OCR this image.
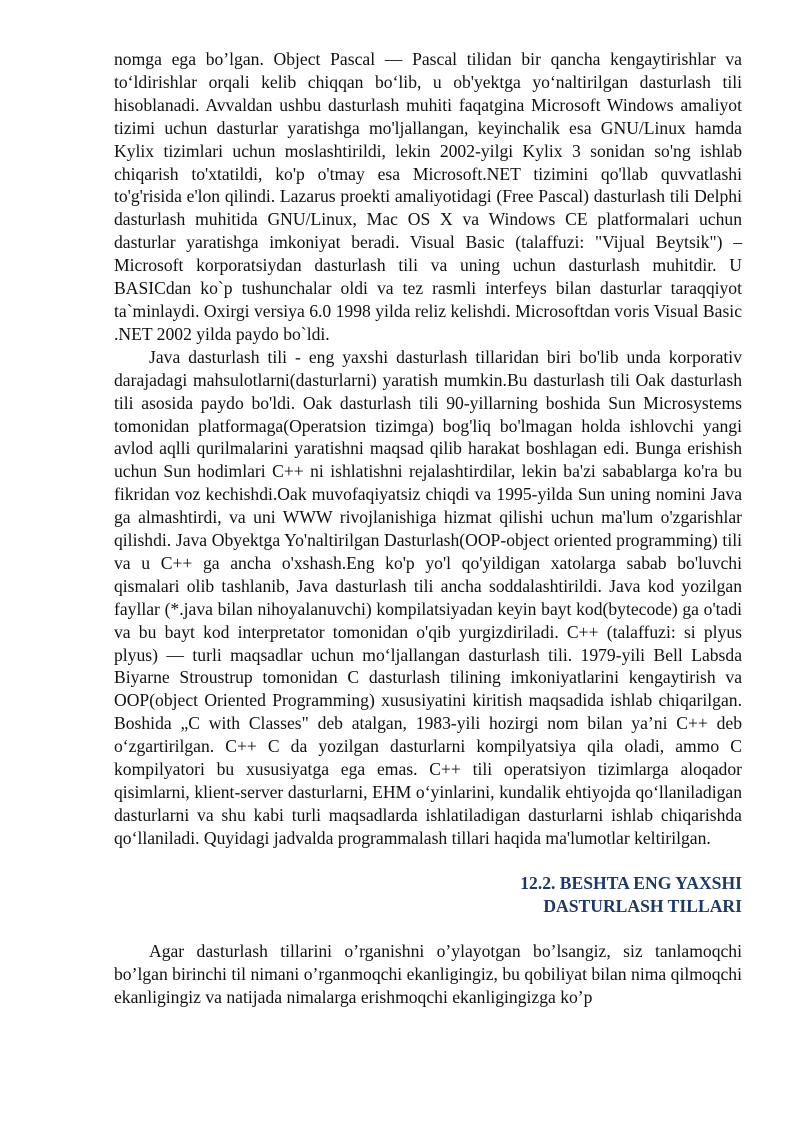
nomga ega bo’lgan. Object Pascal — Pascal tilidan bir qancha kengaytirishlar va to‘ldirishlar orqali kelib chiqqan bo‘lib, u ob'yektga yo‘naltirilgan dasturlash tili hisoblanadi. Avvaldan ushbu dasturlash muhiti faqatgina Microsoft Windows amaliyot tizimi uchun dasturlar yaratishga mo'ljallangan, keyinchalik esa GNU/Linux hamda Kylix tizimlari uchun moslashtirildi, lekin 2002-yilgi Kylix 3 sonidan so'ng ishlab chiqarish to'xtatildi, ko'p o'tmay esa Microsoft.NET tizimini qo'llab quvvatlashi to'g'risida e'lon qilindi. Lazarus proekti amaliyotidagi (Free Pascal) dasturlash tili Delphi dasturlash muhitida GNU/Linux, Mac OS X va Windows CE platformalari uchun dasturlar yaratishga imkoniyat beradi. Visual Basic (talaffuzi: "Vijual Beytsik") – Microsoft korporatsiydan dasturlash tili va uning uchun dasturlash muhitdir. U BASICdan ko`p tushunchalar oldi va tez rasmli interfeys bilan dasturlar taraqqiyot ta`minlaydi. Oxirgi versiya 6.0 1998 yilda reliz kelishdi. Microsoftdan voris Visual Basic .NET 2002 yilda paydo bo`ldi.

Java dasturlash tili - eng yaxshi dasturlash tillaridan biri bo'lib unda korporativ darajadagi mahsulotlarni(dasturlarni) yaratish mumkin.Bu dasturlash tili Oak dasturlash tili asosida paydo bo'ldi. Oak dasturlash tili 90-yillarning boshida Sun Microsystems tomonidan platformaga(Operatsion tizimga) bog'liq bo'lmagan holda ishlovchi yangi avlod aqlli qurilmalarini yaratishni maqsad qilib harakat boshlagan edi. Bunga erishish uchun Sun hodimlari C++ ni ishlatishni rejalashtirdilar, lekin ba'zi sabablarga ko'ra bu fikridan voz kechishdi.Oak muvofaqiyatsiz chiqdi va 1995-yilda Sun uning nomini Java ga almashtirdi, va uni WWW rivojlanishiga hizmat qilishi uchun ma'lum o'zgarishlar qilishdi. Java Obyektga Yo'naltirilgan Dasturlash(OOP-object oriented programming) tili va u C++ ga ancha o'xshash.Eng ko'p yo'l qo'yildigan xatolarga sabab bo'luvchi qismalari olib tashlanib, Java dasturlash tili ancha soddalashtirildi. Java kod yozilgan fayllar (*.java bilan nihoyalanuvchi) kompilatsiyadan keyin bayt kod(bytecode) ga o'tadi va bu bayt kod interpretator tomonidan o'qib yurgizdiriladi. C++ (talaffuzi: si plyus plyus) — turli maqsadlar uchun mo‘ljallangan dasturlash tili. 1979-yili Bell Labsda Biyarne Stroustrup tomonidan C dasturlash tilining imkoniyatlarini kengaytirish va OOP(object Oriented Programming) xususiyatini kiritish maqsadida ishlab chiqarilgan. Boshida „C with Classes" deb atalgan, 1983-yili hozirgi nom bilan ya’ni C++ deb o‘zgartirilgan. C++ C da yozilgan dasturlarni kompilyatsiya qila oladi, ammo C kompilyatori bu xususiyatga ega emas. C++ tili operatsiyon tizimlarga aloqador qisimlarni, klient-server dasturlarni, EHM o‘yinlarini, kundalik ehtiyojda qo‘llaniladigan dasturlarni va shu kabi turli maqsadlarda ishlatiladigan dasturlarni ishlab chiqarishda qo‘llaniladi. Quyidagi jadvalda programmalash tillari haqida ma'lumotlar keltirilgan.

12.2. BESHTA ENG YAXSHI
DASTURLASH TILLARI

Agar dasturlash tillarini o’rganishni o’ylayotgan bo’lsangiz, siz tanlamoqchi bo’lgan birinchi til nimani o’rganmoqchi ekanligingiz, bu qobiliyat bilan nima qilmoqchi ekanligingiz va natijada nimalarga erishmoqchi ekanligingizga ko’p
